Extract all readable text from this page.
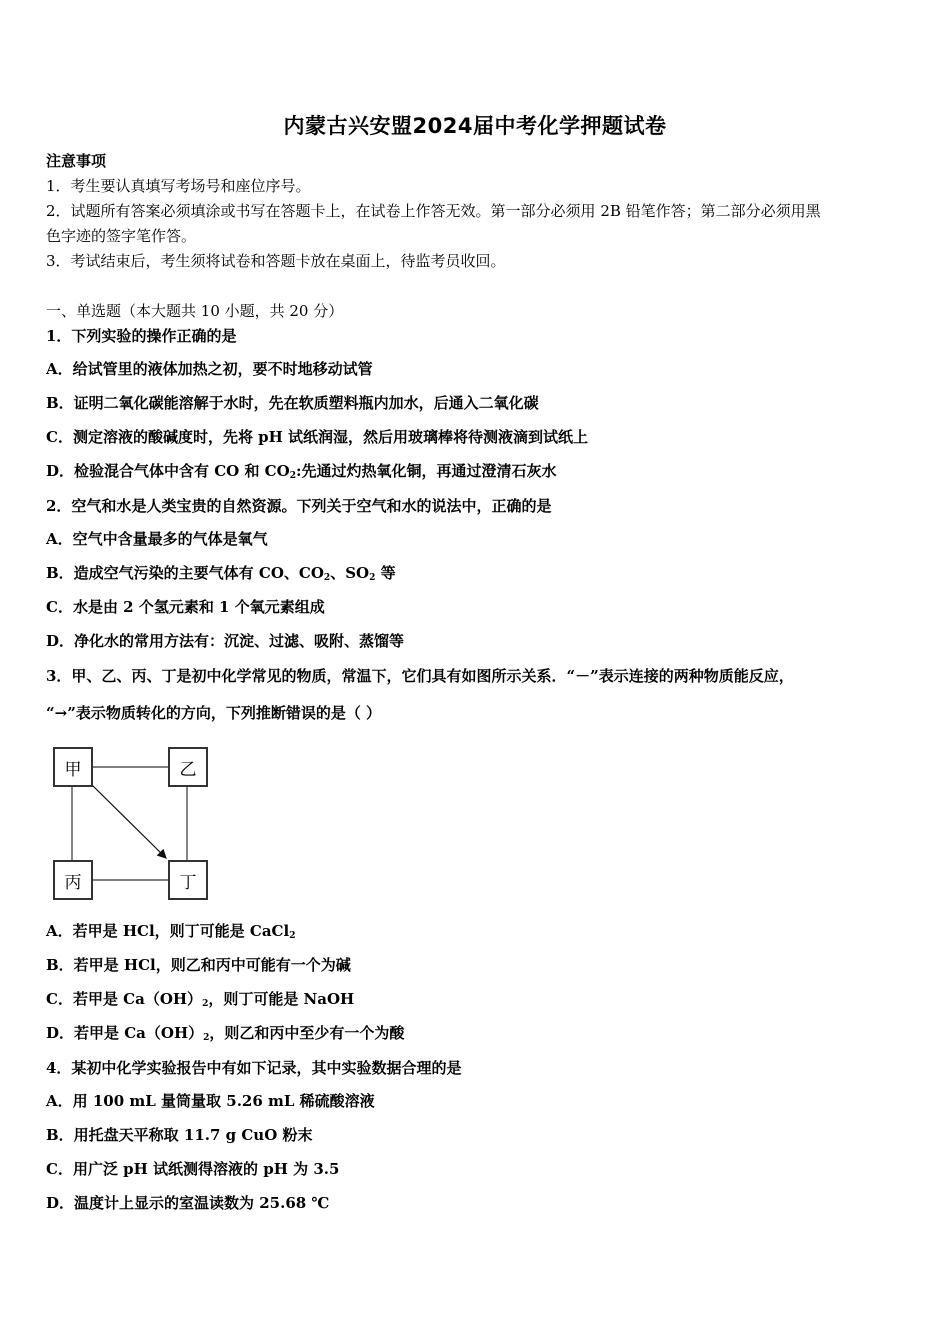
内蒙古兴安盟2024届中考化学押题试卷
注意事项
1．考生要认真填写考场号和座位序号。
2．试题所有答案必须填涂或书写在答题卡上，在试卷上作答无效。第一部分必须用 2B 铅笔作答；第二部分必须用黑
色字迹的签字笔作答。
3．考试结束后，考生须将试卷和答题卡放在桌面上，待监考员收回。
一、单选题（本大题共 10 小题，共 20 分）
1．下列实验的操作正确的是
A．给试管里的液体加热之初，要不时地移动试管
B．证明二氧化碳能溶解于水时，先在软质塑料瓶内加水，后通入二氧化碳
C．测定溶液的酸碱度时，先将 pH 试纸润湿，然后用玻璃棒将待测液滴到试纸上
D．检验混合气体中含有 CO 和 $CO_2$:先通过灼热氧化铜，再通过澄清石灰水
2．空气和水是人类宝贵的自然资源。下列关于空气和水的说法中，正确的是
A．空气中含量最多的气体是氧气
B．造成空气污染的主要气体有 CO、$CO_2$、$SO_2$ 等
C．水是由 2 个氢元素和 1 个氧元素组成
D．净化水的常用方法有：沉淀、过滤、吸附、蒸馏等
3．甲、乙、丙、丁是初中化学常见的物质，常温下，它们具有如图所示关系．“－”表示连接的两种物质能反应，
“→”表示物质转化的方向，下列推断错误的是（ ）
甲	乙
丙	丁
A．若甲是 HCl，则丁可能是 CaCl$_2$
B．若甲是 HCl，则乙和丙中可能有一个为碱
C．若甲是 $Ca(OH)_2$，则丁可能是 NaOH
D．若甲是 $Ca(OH)_2$，则乙和丙中至少有一个为酸
4．某初中化学实验报告中有如下记录，其中实验数据合理的是
A．用 100 mL 量筒量取 5.26 mL 稀硫酸溶液
B．用托盘天平称取 11.7 g CuO 粉末
C．用广泛 pH 试纸测得溶液的 pH 为 3.5
D．温度计上显示的室温读数为 25.68 ℃
